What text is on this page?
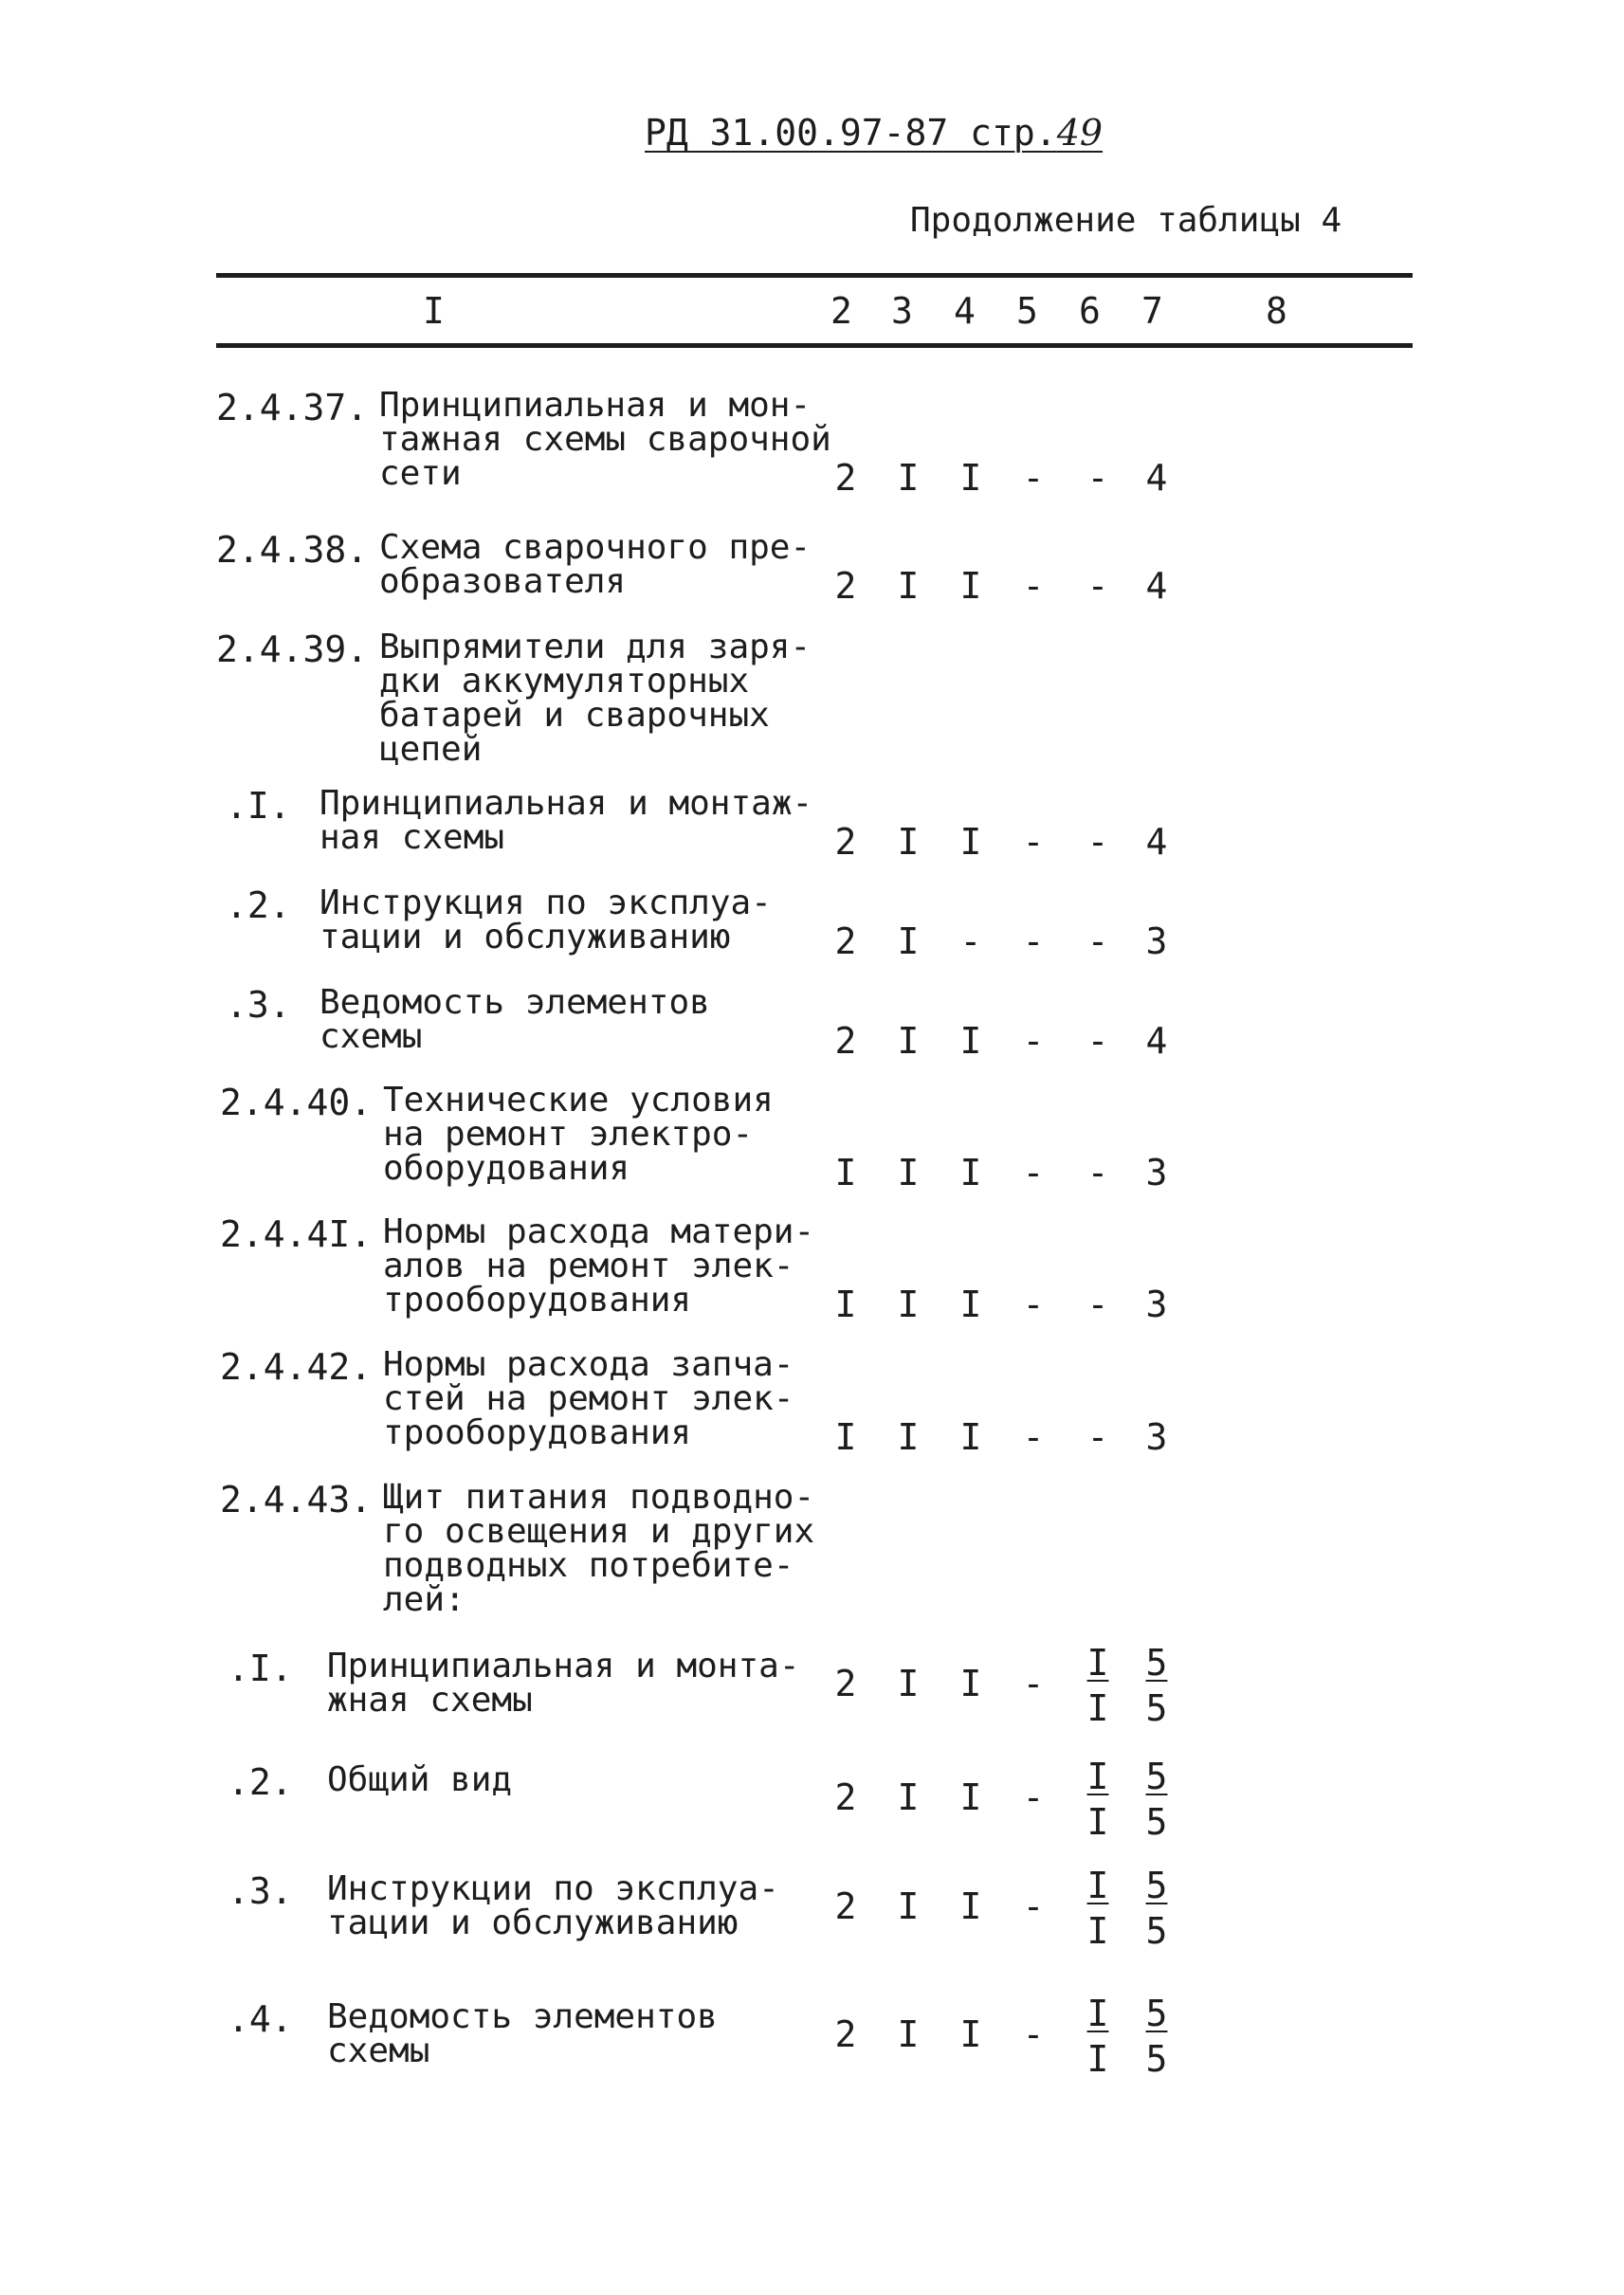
РД 31.00.97-87 стр.49
Продолжение таблицы 4
I	2 3 4 5 6 7	8
2.4.37. Принципиальная и мон-
тажная схемы сварочной
сети	2 I I - - 4
2.4.38. Схема сварочного пре-
образователя	2 I I - - 4
2.4.39. Выпрямители для заря-
дки аккумуляторных
батарей и сварочных
цепей
.I. Принципиальная и монтаж-
ная схемы	2 I I - - 4
.2. Инструкция по эксплуа-
тации и обслуживанию	2 I - - - 3
.3. Ведомость элементов
схемы	2 I I - - 4
2.4.40. Технические условия
на ремонт электро-
оборудования	I I I - - 3
2.4.4I. Нормы расхода матери-
алов на ремонт элек-
трооборудования	I I I - - 3
2.4.42. Нормы расхода запча-
стей на ремонт элек-
трооборудования	I I I - - 3
2.4.43. Щит питания подводно-
го освещения и других
подводных потребите-
лей:
.I. Принципиальная и монта-
жная схемы	2 I I - $\frac{I}{I} \frac{5}{5}$
.2. Общий вид	2 I I - $\frac{I}{I} \frac{5}{5}$
.3. Инструкции по эксплуа-
тации и обслуживанию	2 I I - $\frac{I}{I} \frac{5}{5}$
.4. Ведомость элементов
схемы	2 I I - $\frac{I}{I} \frac{5}{5}$
